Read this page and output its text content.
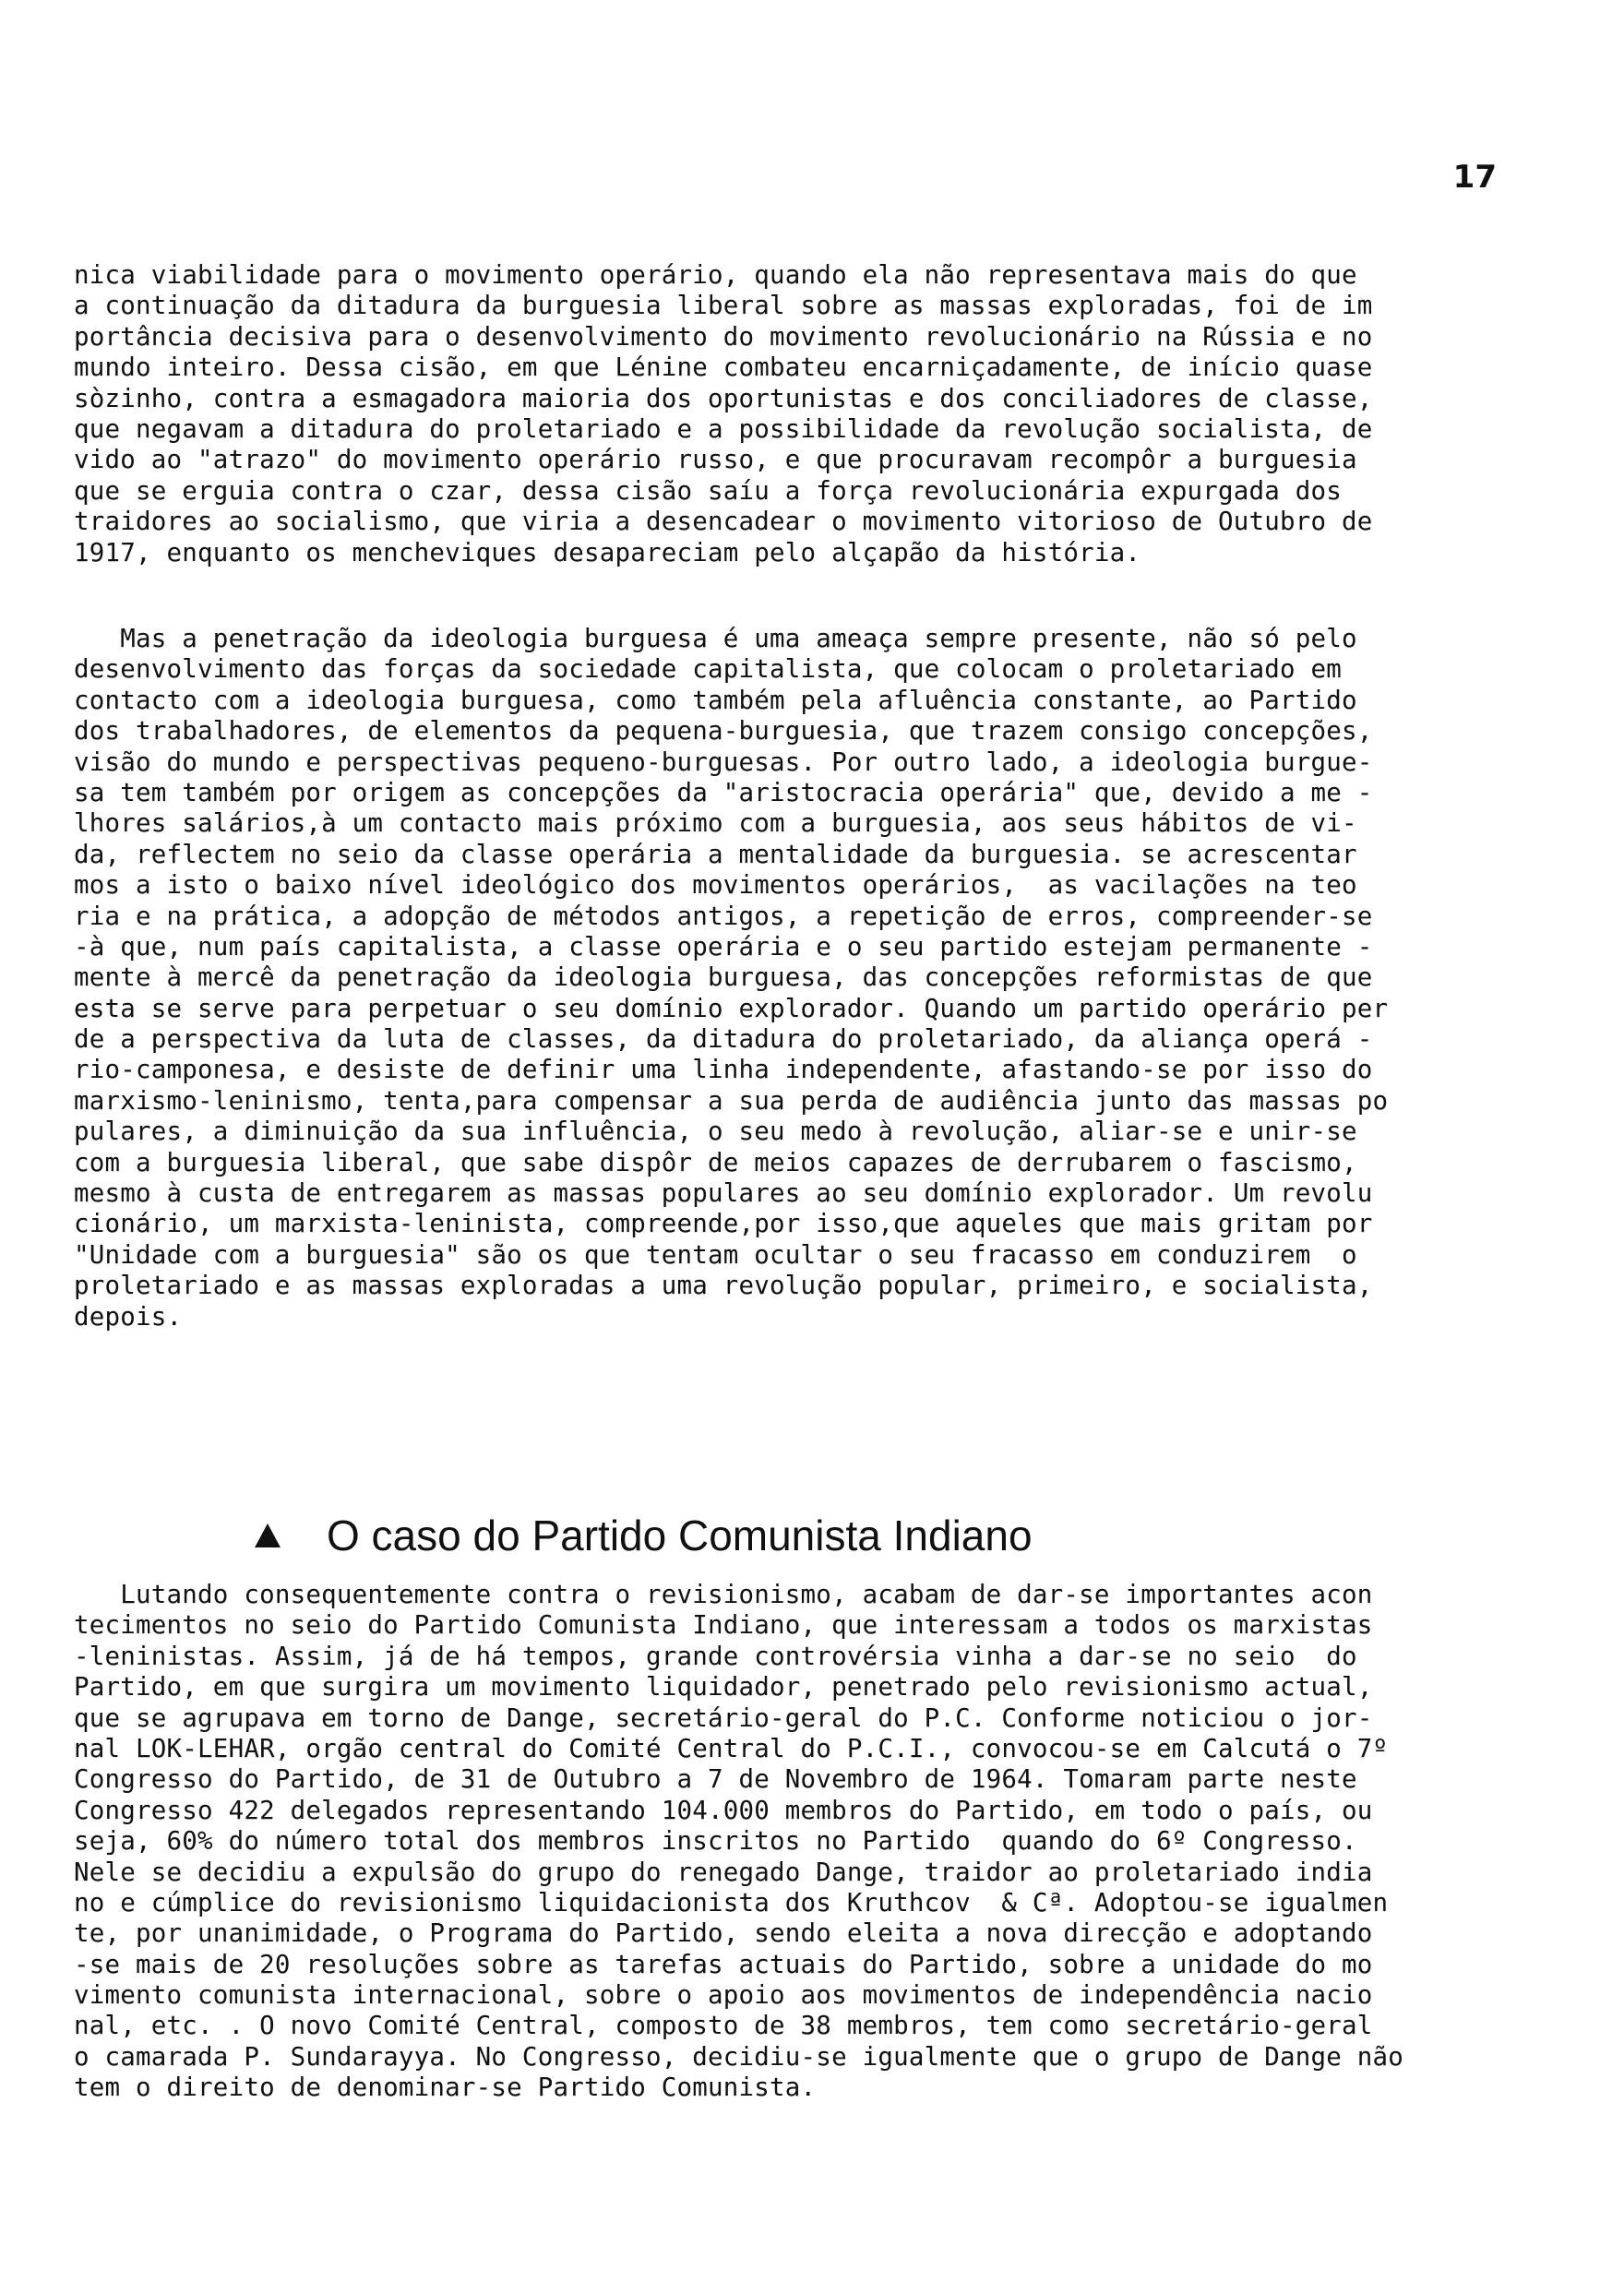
17
nica viabilidade para o movimento operário, quando ela não representava mais do que
a continuação da ditadura da burguesia liberal sobre as massas exploradas, foi de im
portância decisiva para o desenvolvimento do movimento revolucionário na Rússia e no
mundo inteiro. Dessa cisão, em que Lénine combateu encarniçadamente, de início quase
sòzinho, contra a esmagadora maioria dos oportunistas e dos conciliadores de classe,
que negavam a ditadura do proletariado e a possibilidade da revolução socialista, de
vido ao "atrazo" do movimento operário russo, e que procuravam recompôr a burguesia
que se erguia contra o czar, dessa cisão saíu a força revolucionária expurgada dos
traidores ao socialismo, que viria a desencadear o movimento vitorioso de Outubro de
1917, enquanto os mencheviques desapareciam pelo alçapão da história.
Mas a penetração da ideologia burguesa é uma ameaça sempre presente, não só pelo
desenvolvimento das forças da sociedade capitalista, que colocam o proletariado em
contacto com a ideologia burguesa, como também pela afluência constante, ao Partido
dos trabalhadores, de elementos da pequena-burguesia, que trazem consigo concepções,
visão do mundo e perspectivas pequeno-burguesas. Por outro lado, a ideologia burgue-
sa tem também por origem as concepções da "aristocracia operária" que, devido a me -
lhores salários,à um contacto mais próximo com a burguesia, aos seus hábitos de vi-
da, reflectem no seio da classe operária a mentalidade da burguesia. se acrescentar
mos a isto o baixo nível ideológico dos movimentos operários,  as vacilações na teo
ria e na prática, a adopção de métodos antigos, a repetição de erros, compreender-se
-à que, num país capitalista, a classe operária e o seu partido estejam permanente -
mente à mercê da penetração da ideologia burguesa, das concepções reformistas de que
esta se serve para perpetuar o seu domínio explorador. Quando um partido operário per
de a perspectiva da luta de classes, da ditadura do proletariado, da aliança operá -
rio-camponesa, e desiste de definir uma linha independente, afastando-se por isso do
marxismo-leninismo, tenta,para compensar a sua perda de audiência junto das massas po
pulares, a diminuição da sua influência, o seu medo à revolução, aliar-se e unir-se
com a burguesia liberal, que sabe dispôr de meios capazes de derrubarem o fascismo,
mesmo à custa de entregarem as massas populares ao seu domínio explorador. Um revolu
cionário, um marxista-leninista, compreende,por isso,que aqueles que mais gritam por
"Unidade com a burguesia" são os que tentam ocultar o seu fracasso em conduzirem  o
proletariado e as massas exploradas a uma revolução popular, primeiro, e socialista,
depois.
O caso do Partido Comunista Indiano
Lutando consequentemente contra o revisionismo, acabam de dar-se importantes acon
tecimentos no seio do Partido Comunista Indiano, que interessam a todos os marxistas
-leninistas. Assim, já de há tempos, grande controvérsia vinha a dar-se no seio  do
Partido, em que surgira um movimento liquidador, penetrado pelo revisionismo actual,
que se agrupava em torno de Dange, secretário-geral do P.C. Conforme noticiou o jor-
nal LOK-LEHAR, orgão central do Comité Central do P.C.I., convocou-se em Calcutá o 7º
Congresso do Partido, de 31 de Outubro a 7 de Novembro de 1964. Tomaram parte neste
Congresso 422 delegados representando 104.000 membros do Partido, em todo o país, ou
seja, 60% do número total dos membros inscritos no Partido  quando do 6º Congresso.
Nele se decidiu a expulsão do grupo do renegado Dange, traidor ao proletariado india
no e cúmplice do revisionismo liquidacionista dos Kruthcov  & Cª. Adoptou-se igualmen
te, por unanimidade, o Programa do Partido, sendo eleita a nova direcção e adoptando
-se mais de 20 resoluções sobre as tarefas actuais do Partido, sobre a unidade do mo
vimento comunista internacional, sobre o apoio aos movimentos de independência nacio
nal, etc. . O novo Comité Central, composto de 38 membros, tem como secretário-geral
o camarada P. Sundarayya. No Congresso, decidiu-se igualmente que o grupo de Dange não
tem o direito de denominar-se Partido Comunista.
